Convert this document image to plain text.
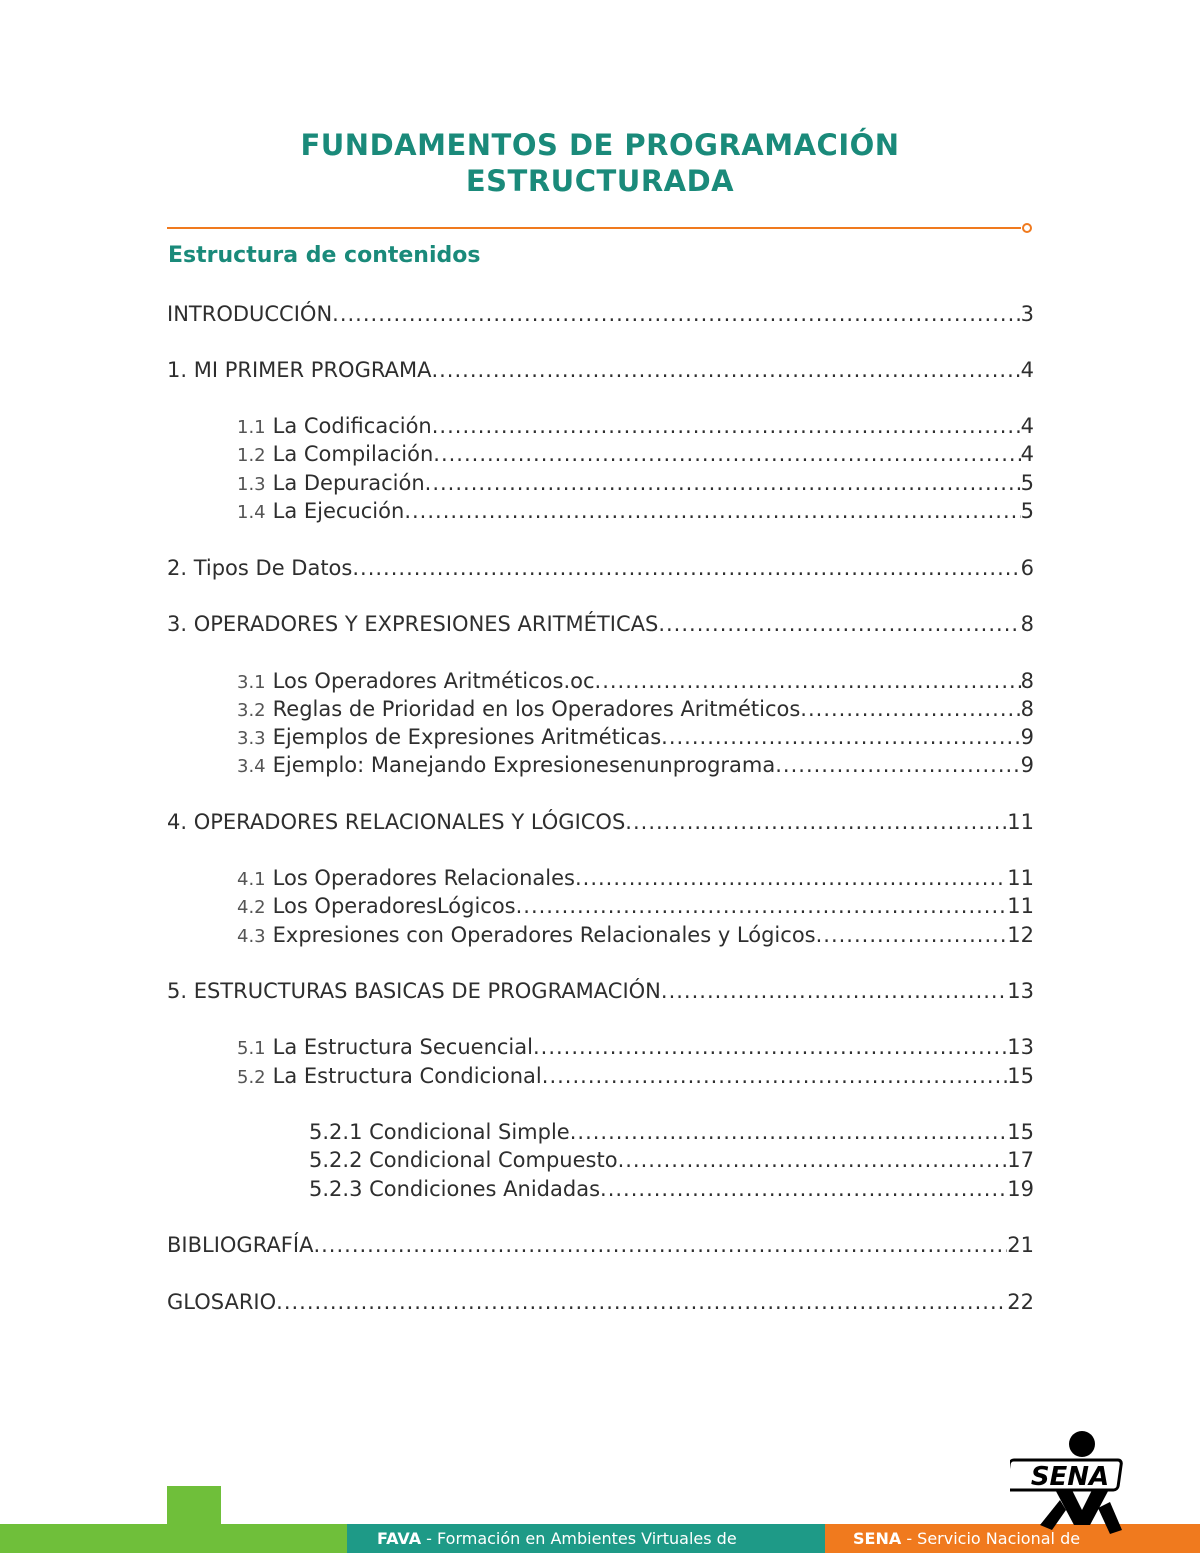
FUNDAMENTOS DE PROGRAMACIÓN
ESTRUCTURADA
Estructura de contenidos
INTRODUCCIÓN .....	3
1. MI PRIMER PROGRAMA .....	4
1.1 La Codificación .....	4
1.2 La Compilación .....	4
1.3 La Depuración .....	5
1.4 La Ejecución .....	5
2. Tipos De Datos .....	6
3. OPERADORES Y EXPRESIONES ARITMÉTICAS .....	8
3.1 Los Operadores Aritméticos.oc .....	8
3.2 Reglas de Prioridad en los Operadores Aritméticos .....	8
3.3 Ejemplos de Expresiones Aritméticas .....	9
3.4 Ejemplo: Manejando Expresionesenunprograma .....	9
4. OPERADORES RELACIONALES Y LÓGICOS .....	11
4.1 Los Operadores Relacionales .....	11
4.2 Los OperadoresLógicos .....	11
4.3 Expresiones con Operadores Relacionales y Lógicos .....	12
5. ESTRUCTURAS BASICAS DE PROGRAMACIÓN .....	13
5.1 La Estructura Secuencial .....	13
5.2 La Estructura Condicional .....	15
5.2.1 Condicional Simple .....	15
5.2.2 Condicional Compuesto .....	17
5.2.3 Condiciones Anidadas .....	19
BIBLIOGRAFÍA .....	21
GLOSARIO .....	22
FAVA - Formación en Ambientes Virtuales de	SENA - Servicio Nacional de
SENA
